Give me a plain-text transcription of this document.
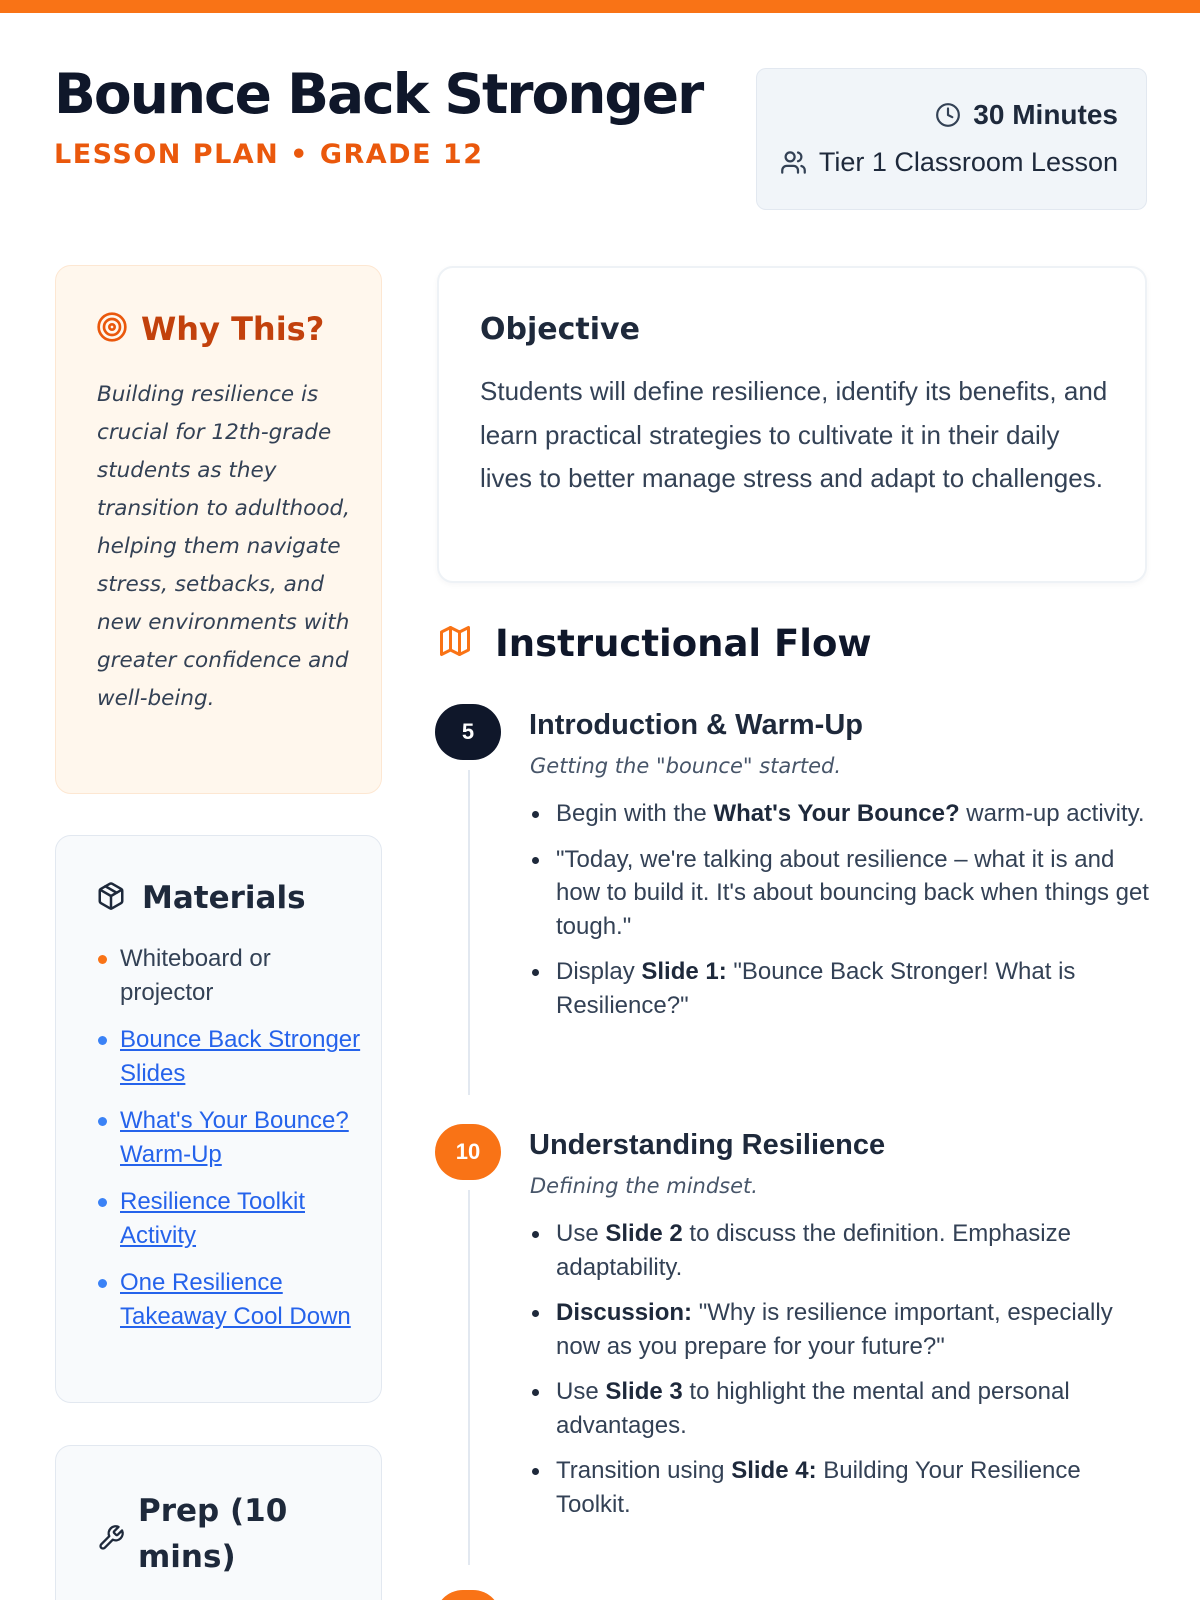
Bounce Back Stronger
LESSON PLAN • GRADE 12
30 Minutes
Tier 1 Classroom Lesson
Why This?

Building resilience is crucial for 12th-grade students as they transition to adulthood, helping them navigate stress, setbacks, and new environments with greater confidence and well-being.

Materials
Whiteboard or projector
Bounce Back Stronger Slides
What's Your Bounce? Warm-Up
Resilience Toolkit Activity
One Resilience Takeaway Cool Down
Prep (10 mins)
Objective

Students will define resilience, identify its benefits, and learn practical strategies to cultivate it in their daily lives to better manage stress and adapt to challenges.

Instructional Flow
5	Introduction & Warm-Up
Getting the "bounce" started.
Begin with the What's Your Bounce? warm-up activity.
"Today, we're talking about resilience – what it is and how to build it. It's about bouncing back when things get tough."
Display Slide 1: "Bounce Back Stronger! What is Resilience?"
10	Understanding Resilience
Defining the mindset.
Use Slide 2 to discuss the definition. Emphasize adaptability.
Discussion: "Why is resilience important, especially now as you prepare for your future?"
Use Slide 3 to highlight the mental and personal advantages.
Transition using Slide 4: Building Your Resilience Toolkit.
